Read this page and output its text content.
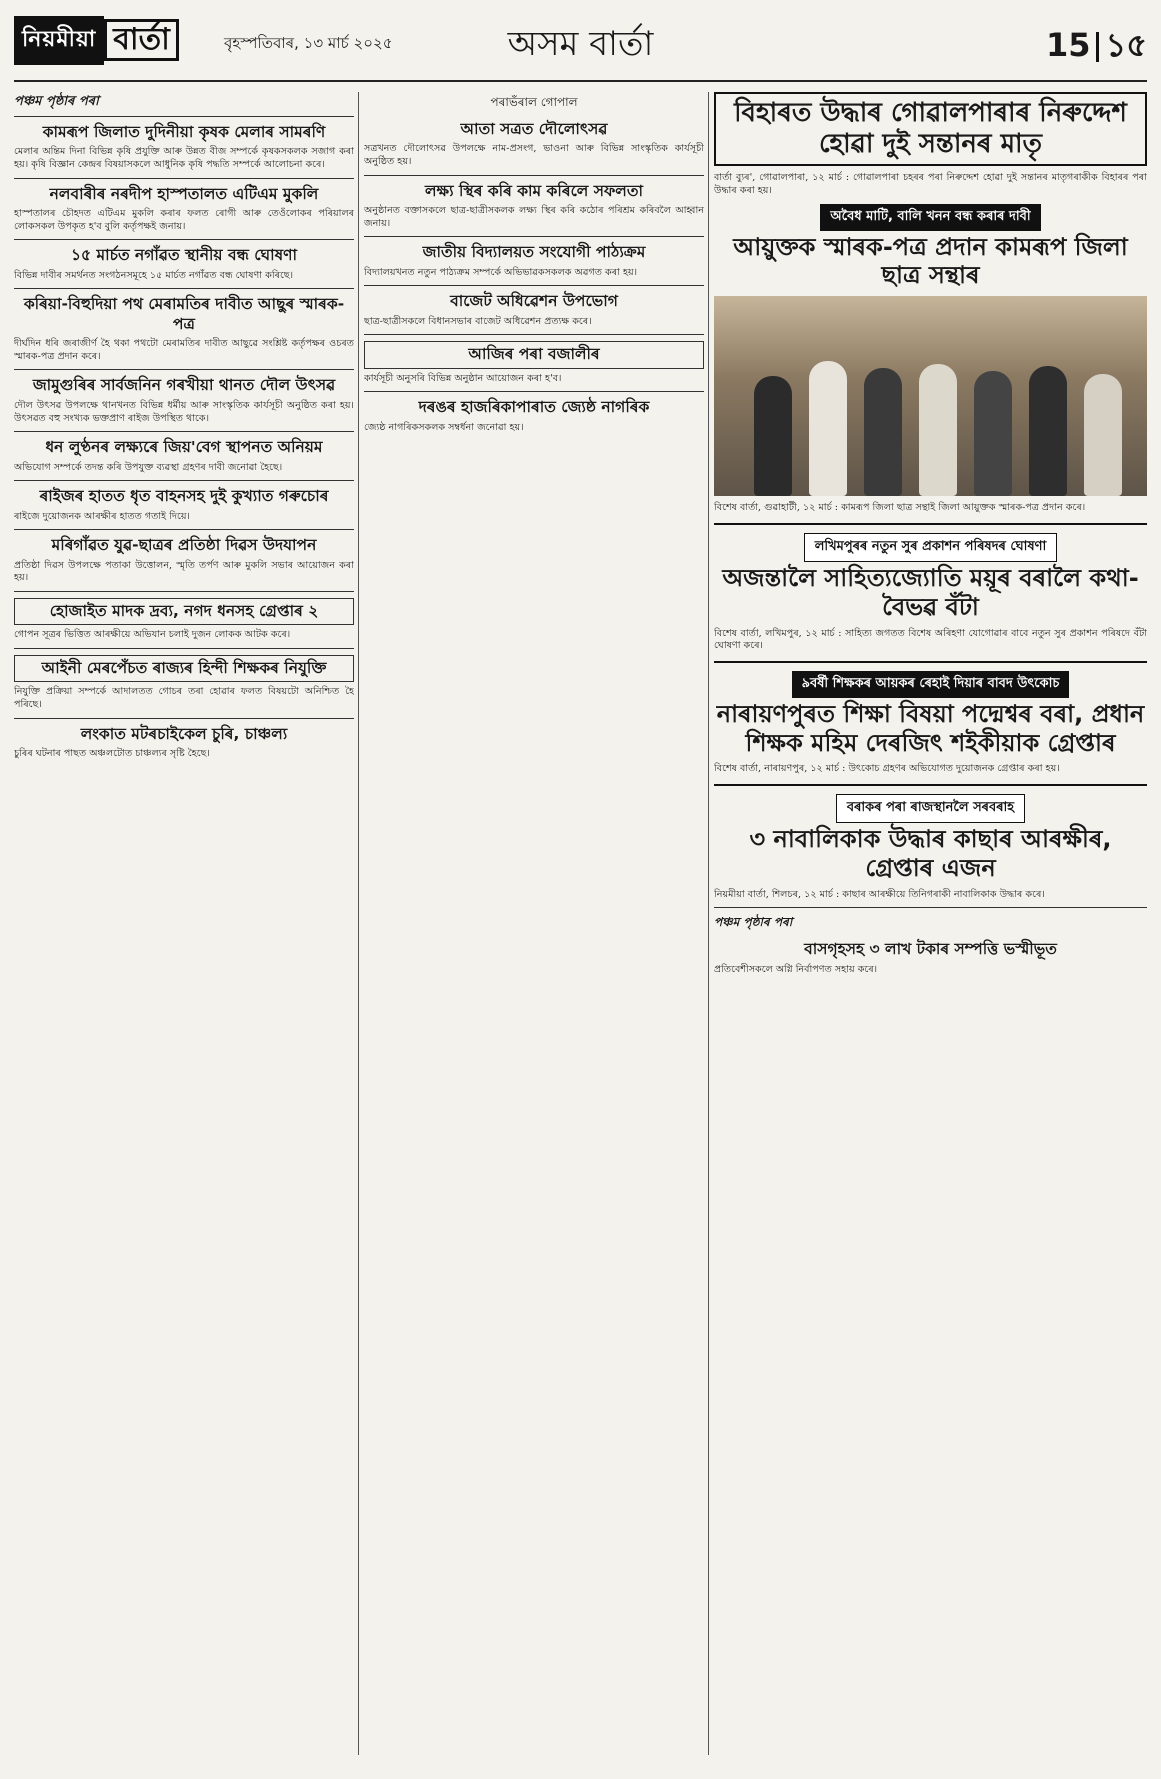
নিয়মীয়া বাৰ্তা	বৃহস্পতিবাৰ, ১৩ মাৰ্চ ২০২৫	অসম বাৰ্তা	15 ১৫
পঞ্চম পৃষ্ঠাৰ পৰা
কামৰূপ জিলাত দুদিনীয়া কৃষক মেলাৰ সামৰণি

মেলাৰ অন্তিম দিনা বিভিন্ন কৃষি প্ৰযুক্তি আৰু উন্নত বীজ সম্পৰ্কে কৃষকসকলক সজাগ কৰা হয়। কৃষি বিজ্ঞান কেন্দ্ৰৰ বিষয়াসকলে আধুনিক কৃষি পদ্ধতি সম্পৰ্কে আলোচনা কৰে।

নলবাৰীৰ নৰদীপ হাস্পতালত এটিএম মুকলি

হাস্পতালৰ চৌহদত এটিএম মুকলি কৰাৰ ফলত ৰোগী আৰু তেওঁলোকৰ পৰিয়ালৰ লোকসকল উপকৃত হ'ব বুলি কৰ্তৃপক্ষই জনায়।

১৫ মাৰ্চত নগাঁৱত স্থানীয় বন্ধ ঘোষণা

বিভিন্ন দাবীৰ সমৰ্থনত সংগঠনসমূহে ১৫ মাৰ্চত নগাঁৱত বন্ধ ঘোষণা কৰিছে।

কৰিয়া-বিহুদিয়া পথ মেৰামতিৰ দাবীত আছুৰ স্মাৰক-পত্ৰ

দীৰ্ঘদিন ধৰি জৰাজীৰ্ণ হৈ থকা পথটো মেৰামতিৰ দাবীত আছুৱে সংশ্লিষ্ট কৰ্তৃপক্ষৰ ওচৰত স্মাৰক-পত্ৰ প্ৰদান কৰে।

জামুগুৰিৰ সাৰ্বজনিন গৰখীয়া থানত দৌল উৎসৱ

দৌল উৎসৱ উপলক্ষে থানখনত বিভিন্ন ধৰ্মীয় আৰু সাংস্কৃতিক কাৰ্যসূচী অনুষ্ঠিত কৰা হয়। উৎসৱত বহু সংখ্যক ভক্তপ্ৰাণ ৰাইজ উপস্থিত থাকে।

ধন লুণ্ঠনৰ লক্ষ্যৰে জিয়'বেগ স্থাপনত অনিয়ম

অভিযোগ সম্পৰ্কে তদন্ত কৰি উপযুক্ত ব্যৱস্থা গ্ৰহণৰ দাবী জনোৱা হৈছে।

ৰাইজৰ হাতত ধৃত বাহনসহ দুই কুখ্যাত গৰুচোৰ

ৰাইজে দুয়োজনক আৰক্ষীৰ হাতত গতাই দিয়ে।

মৰিগাঁৱত যুৱ-ছাত্ৰৰ প্ৰতিষ্ঠা দিৱস উদযাপন

প্ৰতিষ্ঠা দিৱস উপলক্ষে পতাকা উত্তোলন, স্মৃতি তৰ্পণ আৰু মুকলি সভাৰ আয়োজন কৰা হয়।

হোজাইত মাদক দ্ৰব্য, নগদ ধনসহ গ্ৰেপ্তাৰ ২

গোপন সূত্ৰৰ ভিত্তিত আৰক্ষীয়ে অভিযান চলাই দুজন লোকক আটক কৰে।

আইনী মেৰপেঁচত ৰাজ্যৰ হিন্দী শিক্ষকৰ নিযুক্তি

নিযুক্তি প্ৰক্ৰিয়া সম্পৰ্কে আদালতত গোচৰ তৰা হোৱাৰ ফলত বিষয়টো অনিশ্চিত হৈ পৰিছে।

লংকাত মটৰচাইকেল চুৰি, চাঞ্চল্য

চুৰিৰ ঘটনাৰ পাছত অঞ্চলটোত চাঞ্চল্যৰ সৃষ্টি হৈছে।

পৰাভঁৰাল গোপাল
আতা সত্ৰত দৌলোৎসৱ

সত্ৰখনত দৌলোৎসৱ উপলক্ষে নাম-প্ৰসংগ, ভাওনা আৰু বিভিন্ন সাংস্কৃতিক কাৰ্যসূচী অনুষ্ঠিত হয়।

লক্ষ্য স্থিৰ কৰি কাম কৰিলে সফলতা

অনুষ্ঠানত বক্তাসকলে ছাত্ৰ-ছাত্ৰীসকলক লক্ষ্য স্থিৰ কৰি কঠোৰ পৰিশ্ৰম কৰিবলৈ আহ্বান জনায়।

জাতীয় বিদ্যালয়ত সংযোগী পাঠ্যক্ৰম

বিদ্যালয়খনত নতুন পাঠ্যক্ৰম সম্পৰ্কে অভিভাৱকসকলক অৱগত কৰা হয়।

বাজেট অধিৱেশন উপভোগ

ছাত্ৰ-ছাত্ৰীসকলে বিধানসভাৰ বাজেট অধিৱেশন প্ৰত্যক্ষ কৰে।

আজিৰ পৰা বজালীৰ

কাৰ্যসূচী অনুসৰি বিভিন্ন অনুষ্ঠান আয়োজন কৰা হ'ব।

দৰঙৰ হাজৰিকাপাৰাত জ্যেষ্ঠ নাগৰিক

জ্যেষ্ঠ নাগৰিকসকলক সম্বৰ্ধনা জনোৱা হয়।

বিহাৰত উদ্ধাৰ গোৱালপাৰাৰ নিৰুদ্দেশ হোৱা দুই সন্তানৰ মাতৃ

বাৰ্তা ব্যুৰ', গোৱালপাৰা, ১২ মাৰ্চ : গোৱালপাৰা চহৰৰ পৰা নিৰুদ্দেশ হোৱা দুই সন্তানৰ মাতৃগৰাকীক বিহাৰৰ পৰা উদ্ধাৰ কৰা হয়।

অবৈধ মাটি, বালি খনন বন্ধ কৰাৰ দাবী
আয়ুক্তক স্মাৰক-পত্ৰ প্ৰদান কামৰূপ জিলা ছাত্ৰ সন্থাৰ

বিশেষ বাৰ্তা, গুৱাহাটী, ১২ মাৰ্চ : কামৰূপ জিলা ছাত্ৰ সন্থাই জিলা আয়ুক্তক স্মাৰক-পত্ৰ প্ৰদান কৰে।

লখিমপুৰৰ নতুন সুৰ প্ৰকাশন পৰিষদৰ ঘোষণা
অজন্তালৈ সাহিত্যজ্যোতি ময়ূৰ বৰালৈ কথা-বৈভৱ বঁটা

বিশেষ বাৰ্তা, লখিমপুৰ, ১২ মাৰ্চ : সাহিত্য জগতত বিশেষ অৰিহণা যোগোৱাৰ বাবে নতুন সুৰ প্ৰকাশন পৰিষদে বঁটা ঘোষণা কৰে।

৯বৰ্ষী শিক্ষকৰ আয়কৰ ৰেহাই দিয়াৰ বাবদ উৎকোচ
নাৰায়ণপুৰত শিক্ষা বিষয়া পদ্মেশ্বৰ বৰা, প্ৰধান শিক্ষক মহিম দেৰজিৎ শইকীয়াক গ্ৰেপ্তাৰ

বিশেষ বাৰ্তা, নাৰায়ণপুৰ, ১২ মাৰ্চ : উৎকোচ গ্ৰহণৰ অভিযোগত দুয়োজনক গ্ৰেপ্তাৰ কৰা হয়।

বৰাকৰ পৰা ৰাজস্থানলৈ সৰবৰাহ
৩ নাবালিকাক উদ্ধাৰ কাছাৰ আৰক্ষীৰ, গ্ৰেপ্তাৰ এজন

নিয়মীয়া বাৰ্তা, শিলচৰ, ১২ মাৰ্চ : কাছাৰ আৰক্ষীয়ে তিনিগৰাকী নাবালিকাক উদ্ধাৰ কৰে।

পঞ্চম পৃষ্ঠাৰ পৰা
বাসগৃহসহ ৩ লাখ টকাৰ সম্পত্তি ভস্মীভূত

প্ৰতিবেশীসকলে অগ্নি নিৰ্বাপণত সহায় কৰে।
